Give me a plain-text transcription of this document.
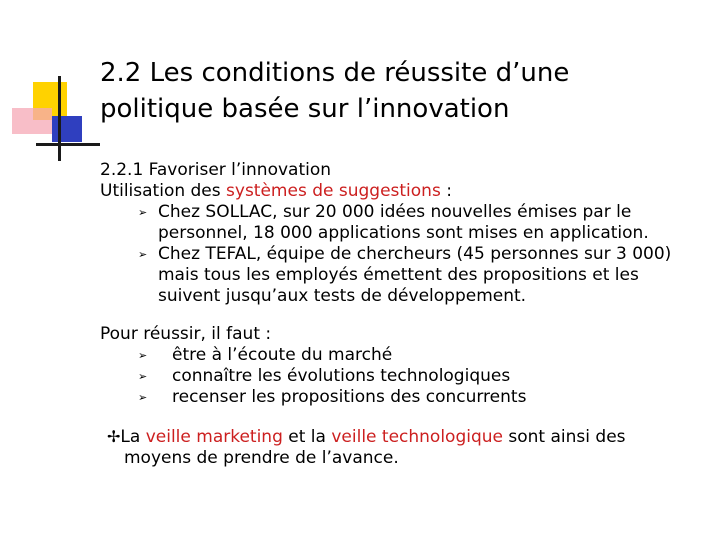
2.2 Les conditions de réussite d’une
politique basée sur l’innovation
2.2.1 Favoriser l’innovation
Utilisation des systèmes de suggestions :
➢ Chez SOLLAC, sur 20 000 idées nouvelles émises par le
personnel, 18 000 applications sont mises en application.
➢ Chez TEFAL, équipe de chercheurs (45 personnes sur 3 000)
mais tous les employés émettent des propositions et les
suivent jusqu’aux tests de développement.
Pour réussir, il faut :
➢ être à l’écoute du marché
➢ connaître les évolutions technologiques
➢ recenser les propositions des concurrents
✢La veille marketing et la veille technologique sont ainsi des
moyens de prendre de l’avance.
